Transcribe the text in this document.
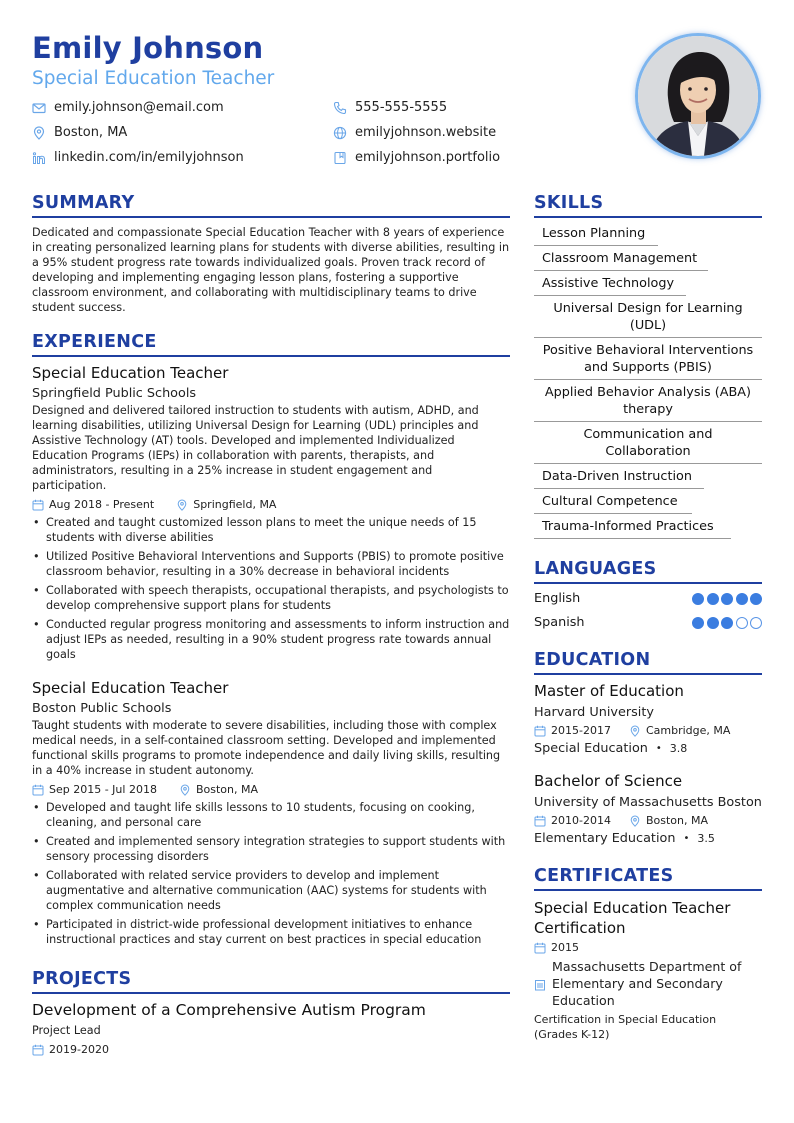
Emily Johnson
Special Education Teacher
emily.johnson@email.com	555-555-5555
Boston, MA	emilyjohnson.website
linkedin.com/in/emilyjohnson	emilyjohnson.portfolio
SUMMARY
Dedicated and compassionate Special Education Teacher with 8 years of experience in creating personalized learning plans for students with diverse abilities, resulting in a 95% student progress rate towards individualized goals. Proven track record of developing and implementing engaging lesson plans, fostering a supportive classroom environment, and collaborating with multidisciplinary teams to drive student success.
EXPERIENCE
Special Education Teacher
Springfield Public Schools
Designed and delivered tailored instruction to students with autism, ADHD, and learning disabilities, utilizing Universal Design for Learning (UDL) principles and Assistive Technology (AT) tools. Developed and implemented Individualized Education Programs (IEPs) in collaboration with parents, therapists, and administrators, resulting in a 25% increase in student engagement and participation.
Aug 2018 - Present	Springfield, MA
• Created and taught customized lesson plans to meet the unique needs of 15 students with diverse abilities
• Utilized Positive Behavioral Interventions and Supports (PBIS) to promote positive classroom behavior, resulting in a 30% decrease in behavioral incidents
• Collaborated with speech therapists, occupational therapists, and psychologists to develop comprehensive support plans for students
• Conducted regular progress monitoring and assessments to inform instruction and adjust IEPs as needed, resulting in a 90% student progress rate towards annual goals
Special Education Teacher
Boston Public Schools
Taught students with moderate to severe disabilities, including those with complex medical needs, in a self-contained classroom setting. Developed and implemented functional skills programs to promote independence and daily living skills, resulting in a 40% increase in student autonomy.
Sep 2015 - Jul 2018	Boston, MA
• Developed and taught life skills lessons to 10 students, focusing on cooking, cleaning, and personal care
• Created and implemented sensory integration strategies to support students with sensory processing disorders
• Collaborated with related service providers to develop and implement augmentative and alternative communication (AAC) systems for students with complex communication needs
• Participated in district-wide professional development initiatives to enhance instructional practices and stay current on best practices in special education
PROJECTS
Development of a Comprehensive Autism Program
Project Lead
2019-2020
SKILLS
Lesson Planning
Classroom Management
Assistive Technology
Universal Design for Learning (UDL)
Positive Behavioral Interventions and Supports (PBIS)
Applied Behavior Analysis (ABA) therapy
Communication and Collaboration
Data-Driven Instruction
Cultural Competence
Trauma-Informed Practices
LANGUAGES
English
Spanish
EDUCATION
Master of Education
Harvard University
2015-2017	Cambridge, MA
Special Education • 3.8
Bachelor of Science
University of Massachusetts Boston
2010-2014	Boston, MA
Elementary Education • 3.5
CERTIFICATES
Special Education Teacher Certification
2015
Massachusetts Department of Elementary and Secondary Education
Certification in Special Education (Grades K-12)
